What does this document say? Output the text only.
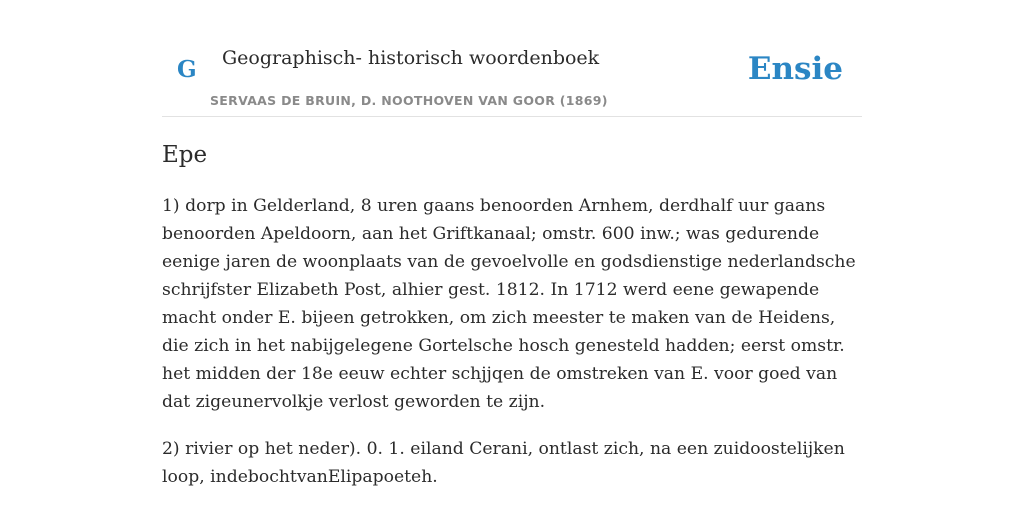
G Geographisch- historisch woordenboek
SERVAAS DE BRUIN, D. NOOTHOVEN VAN GOOR (1869)
Ensie
Epe

1) dorp in Gelderland, 8 uren gaans benoorden Arnhem, derdhalf uur gaans benoorden Apeldoorn, aan het Griftkanaal; omstr. 600 inw.; was gedurende eenige jaren de woonplaats van de gevoelvolle en godsdienstige nederlandsche schrijfster Elizabeth Post, alhier gest. 1812. In 1712 werd eene gewapende macht onder E. bijeen getrokken, om zich meester te maken van de Heidens, die zich in het nabijgelegene Gortelsche hosch genesteld hadden; eerst omstr. het midden der 18e eeuw echter schjjqen de omstreken van E. voor goed van dat zigeunervolkje verlost geworden te zijn.

2) rivier op het neder). 0. 1. eiland Cerani, ontlast zich, na een zuidoostelijken loop, indebochtvanElipapoeteh.
